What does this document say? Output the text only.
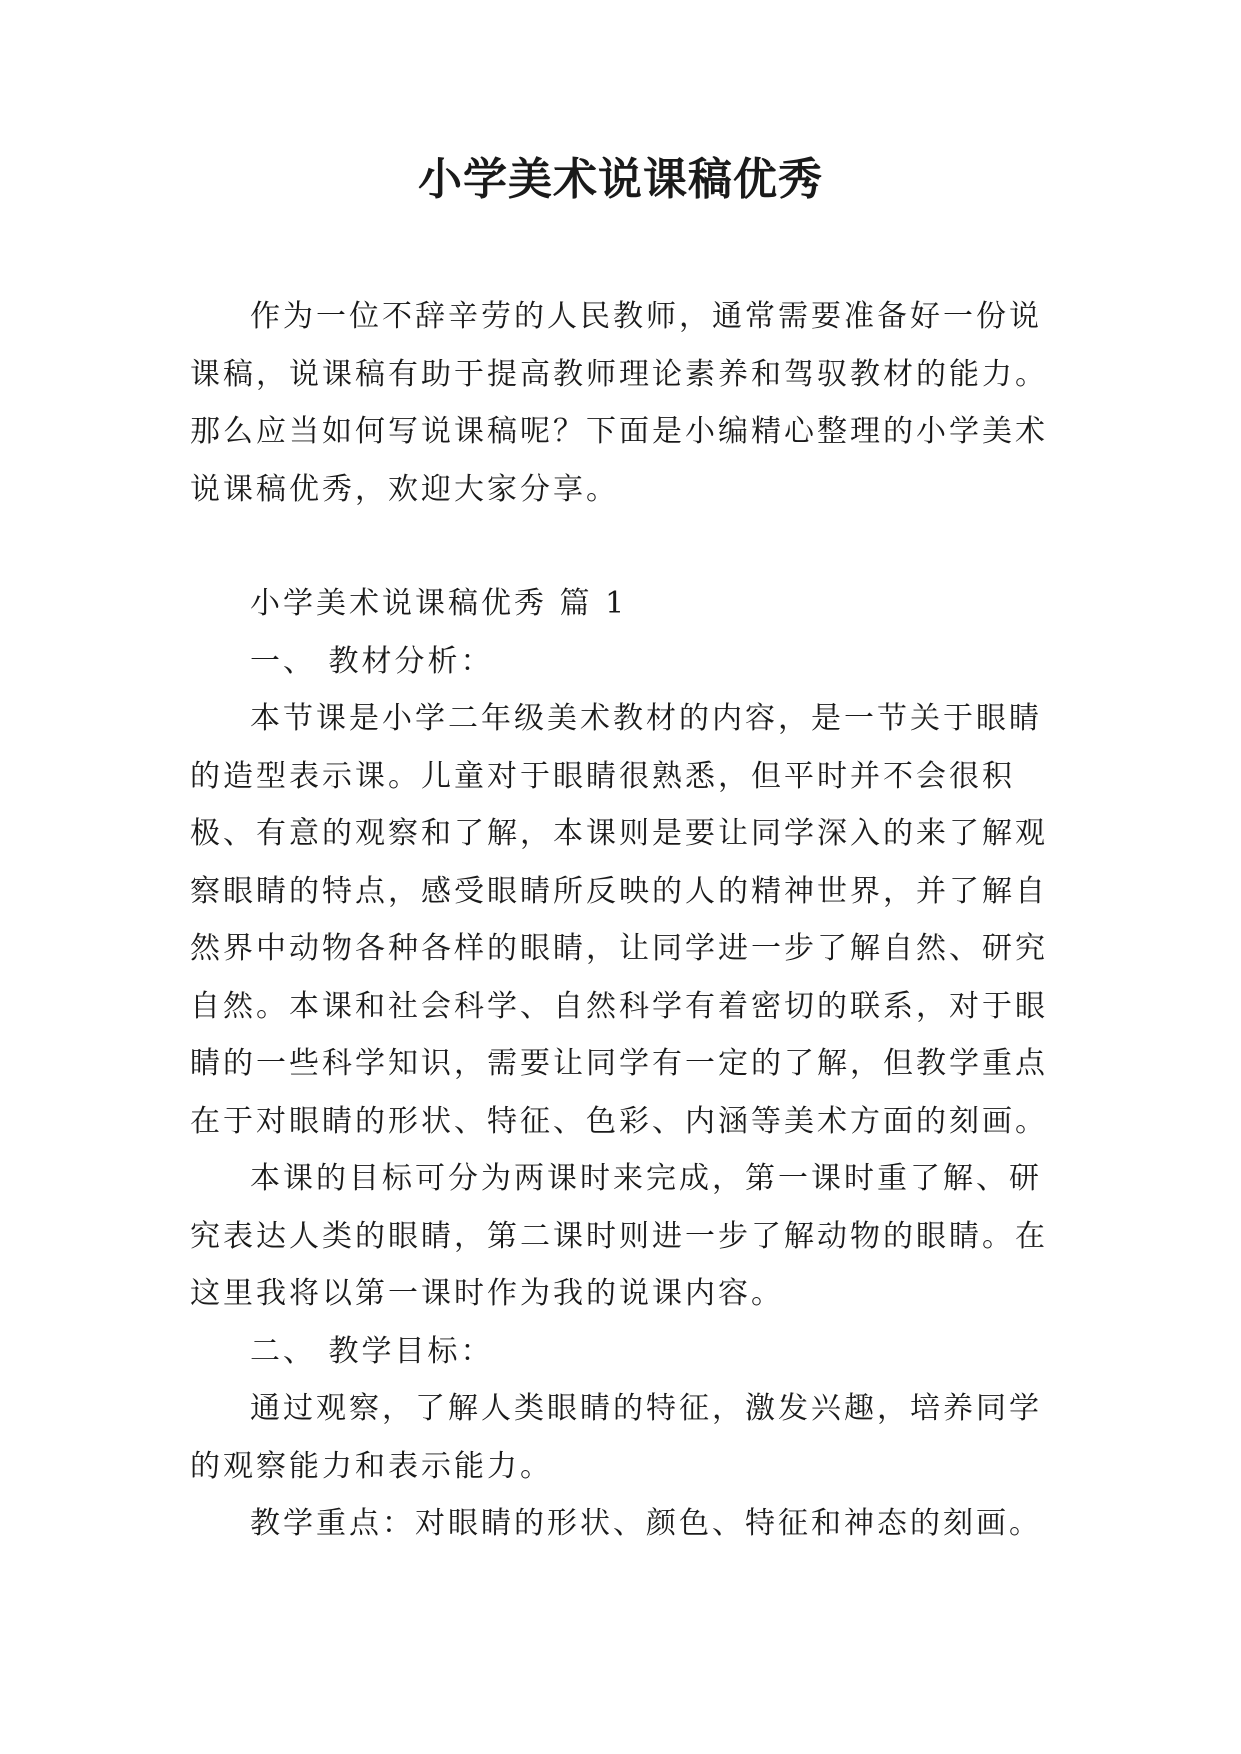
小学美术说课稿优秀

作为一位不辞辛劳的人民教师，通常需要准备好一份说课稿，说课稿有助于提高教师理论素养和驾驭教材的能力。那么应当如何写说课稿呢？下面是小编精心整理的小学美术说课稿优秀，欢迎大家分享。

小学美术说课稿优秀 篇 1

一、 教材分析：

本节课是小学二年级美术教材的内容，是一节关于眼睛的造型表示课。儿童对于眼睛很熟悉，但平时并不会很积极、有意的观察和了解，本课则是要让同学深入的来了解观察眼睛的特点，感受眼睛所反映的人的精神世界，并了解自然界中动物各种各样的眼睛，让同学进一步了解自然、研究自然。本课和社会科学、自然科学有着密切的联系，对于眼睛的一些科学知识，需要让同学有一定的了解，但教学重点在于对眼睛的形状、特征、色彩、内涵等美术方面的刻画。

本课的目标可分为两课时来完成，第一课时重了解、研究表达人类的眼睛，第二课时则进一步了解动物的眼睛。在这里我将以第一课时作为我的说课内容。

二、 教学目标：

通过观察，了解人类眼睛的特征，激发兴趣，培养同学的观察能力和表示能力。

教学重点：对眼睛的形状、颜色、特征和神态的刻画。
